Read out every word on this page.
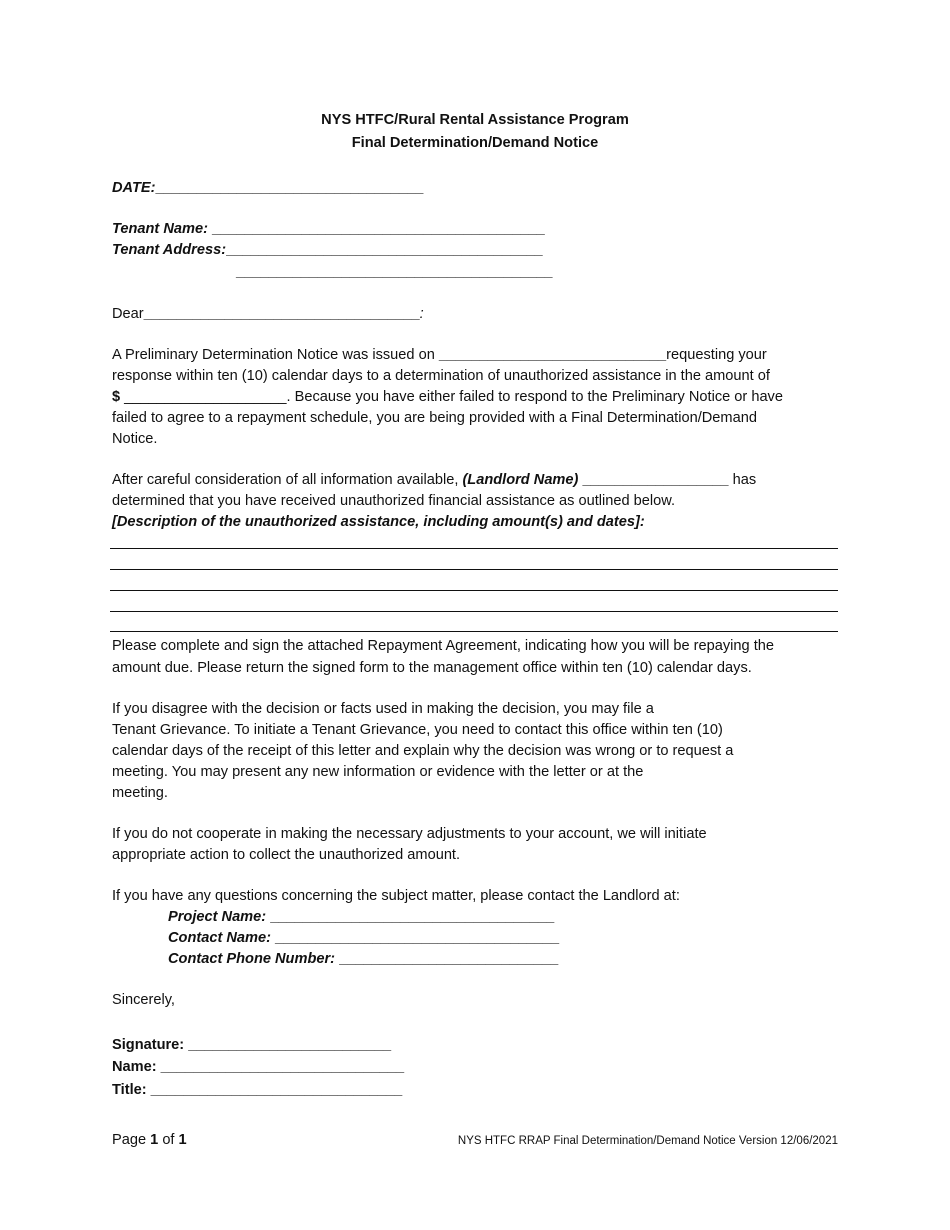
NYS HTFC/Rural Rental Assistance Program
Final Determination/Demand Notice
DATE:_________________________________
Tenant Name: _________________________________________
Tenant Address:_______________________________________
_______________________________________
Dear__________________________________:
A Preliminary Determination Notice was issued on ____________________________requesting your
response within ten (10) calendar days to a determination of unauthorized assistance in the amount of
$ ____________________. Because you have either failed to respond to the Preliminary Notice or have
failed to agree to a repayment schedule, you are being provided with a Final Determination/Demand
Notice.
After careful consideration of all information available, (Landlord Name) __________________ has
determined that you have received unauthorized financial assistance as outlined below.
[Description of the unauthorized assistance, including amount(s) and dates]:
Please complete and sign the attached Repayment Agreement, indicating how you will be repaying the
amount due. Please return the signed form to the management office within ten (10) calendar days.
If you disagree with the decision or facts used in making the decision, you may file a
Tenant Grievance. To initiate a Tenant Grievance, you need to contact this office within ten (10)
calendar days of the receipt of this letter and explain why the decision was wrong or to request a
meeting. You may present any new information or evidence with the letter or at the
meeting.
If you do not cooperate in making the necessary adjustments to your account, we will initiate
appropriate action to collect the unauthorized amount.
If you have any questions concerning the subject matter, please contact the Landlord at:
Project Name: ___________________________________
Contact Name: ___________________________________
Contact Phone Number: ___________________________
Sincerely,
Signature: _________________________
Name: ______________________________
Title: _______________________________
Page 1 of 1	NYS HTFC RRAP Final Determination/Demand Notice Version 12/06/2021
